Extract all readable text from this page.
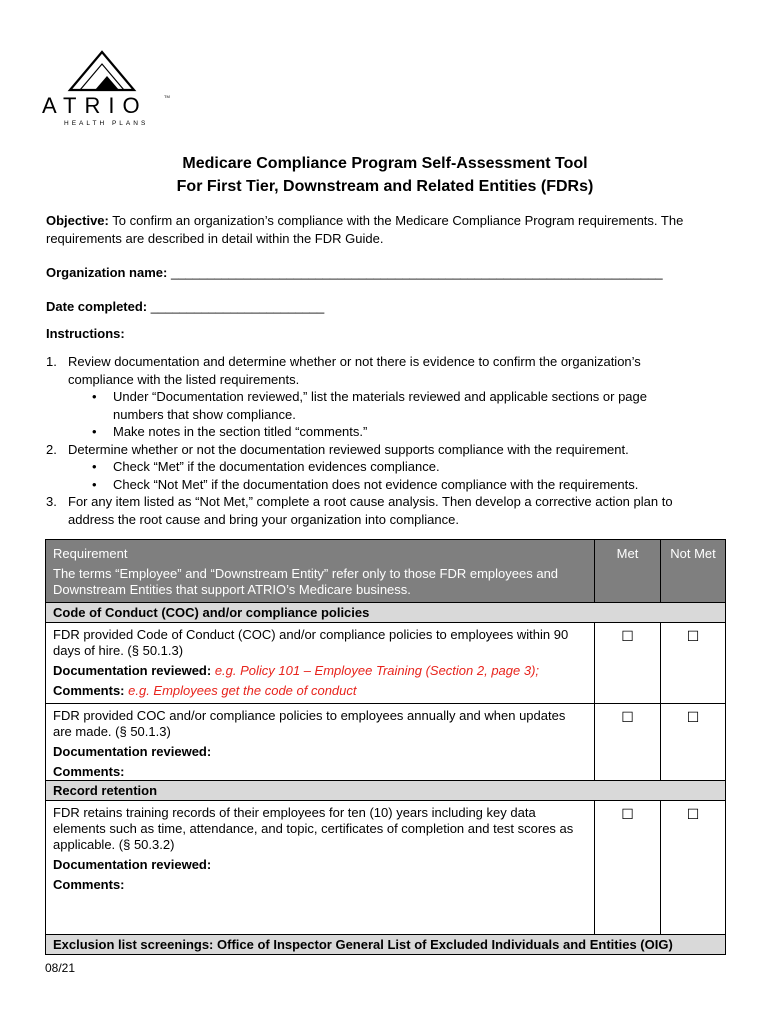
ATRIO	TM
HEALTH PLANS
Medicare Compliance Program Self-Assessment Tool
For First Tier, Downstream and Related Entities (FDRs)
Objective: To confirm an organization’s compliance with the Medicare Compliance Program requirements. The requirements are described in detail within the FDR Guide.
Organization name: ____________________________________________________________________
Date completed: ________________________
Instructions:
1. Review documentation and determine whether or not there is evidence to confirm the organization’s compliance with the listed requirements.
• Under “Documentation reviewed,” list the materials reviewed and applicable sections or page numbers that show compliance.
• Make notes in the section titled “comments.”
2. Determine whether or not the documentation reviewed supports compliance with the requirement.
• Check “Met” if the documentation evidences compliance.
• Check “Not Met” if the documentation does not evidence compliance with the requirements.
3. For any item listed as “Not Met,” complete a root cause analysis. Then develop a corrective action plan to address the root cause and bring your organization into compliance.
Requirement
The terms “Employee” and “Downstream Entity” refer only to those FDR employees and Downstream Entities that support ATRIO’s Medicare business.	Met	Not Met
Code of Conduct (COC) and/or compliance policies		

FDR provided Code of Conduct (COC) and/or compliance policies to employees within 90 days of hire. (§ 50.1.3)

Documentation reviewed: e.g. Policy 101 – Employee Training (Section 2, page 3);

Comments: e.g. Employees get the code of conduct	☐	☐

FDR provided COC and/or compliance policies to employees annually and when updates are made. (§ 50.1.3)

Documentation reviewed:

Comments:	☐	☐

Record retention		

FDR retains training records of their employees for ten (10) years including key data elements such as time, attendance, and topic, certificates of completion and test scores as applicable. (§ 50.3.2)

Documentation reviewed:

Comments:	☐	☐

Exclusion list screenings: Office of Inspector General List of Excluded Individuals and Entities (OIG)		
08/21
